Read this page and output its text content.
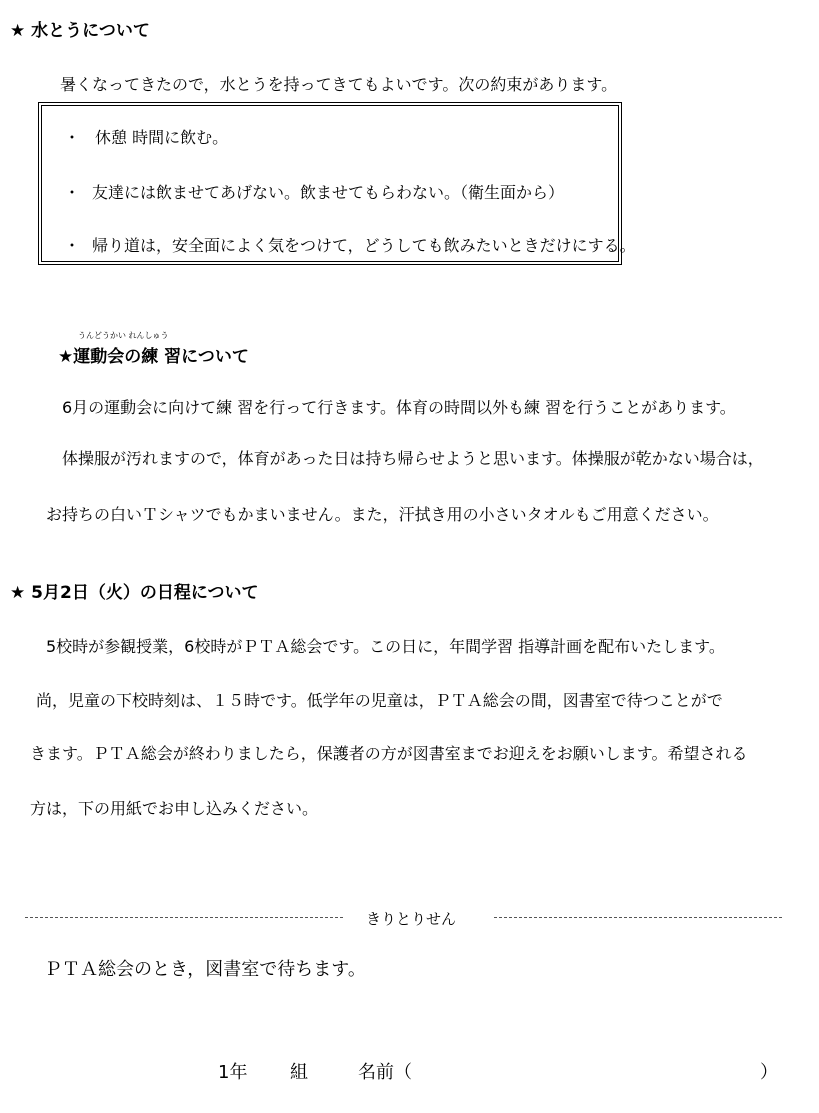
★ 水とうについて
暑くなってきたので，水とうを持ってきてもよいです。次の約束があります。
・ 休憩 時間に飲む。
・ 友達には飲ませてあげない。飲ませてもらわない。（衛生面から）
・ 帰り道は，安全面によく気をつけて，どうしても飲みたいときだけにする。
うんどうかい れんしゅう
★運動会の練 習について
6月の運動会に向けて練 習を行って行きます。体育の時間以外も練 習を行うことがあります。
体操服が汚れますので，体育があった日は持ち帰らせようと思います。体操服が乾かない場合は，
お持ちの白いＴシャツでもかまいません。また，汗拭き用の小さいタオルもご用意ください。
★ 5月2日（火）の日程について
5校時が参観授業，6校時がＰＴＡ総会です。この日に，年間学習 指導計画を配布いたします。
尚，児童の下校時刻は、１５時です。低学年の児童は，ＰＴＡ総会の間，図書室で待つことがで
きます。ＰＴＡ総会が終わりましたら，保護者の方が図書室までお迎えをお願いします。希望される
方は，下の用紙でお申し込みください。
きりとりせん
ＰＴＡ総会のとき，図書室で待ちます。
1年 組	名前（	）
